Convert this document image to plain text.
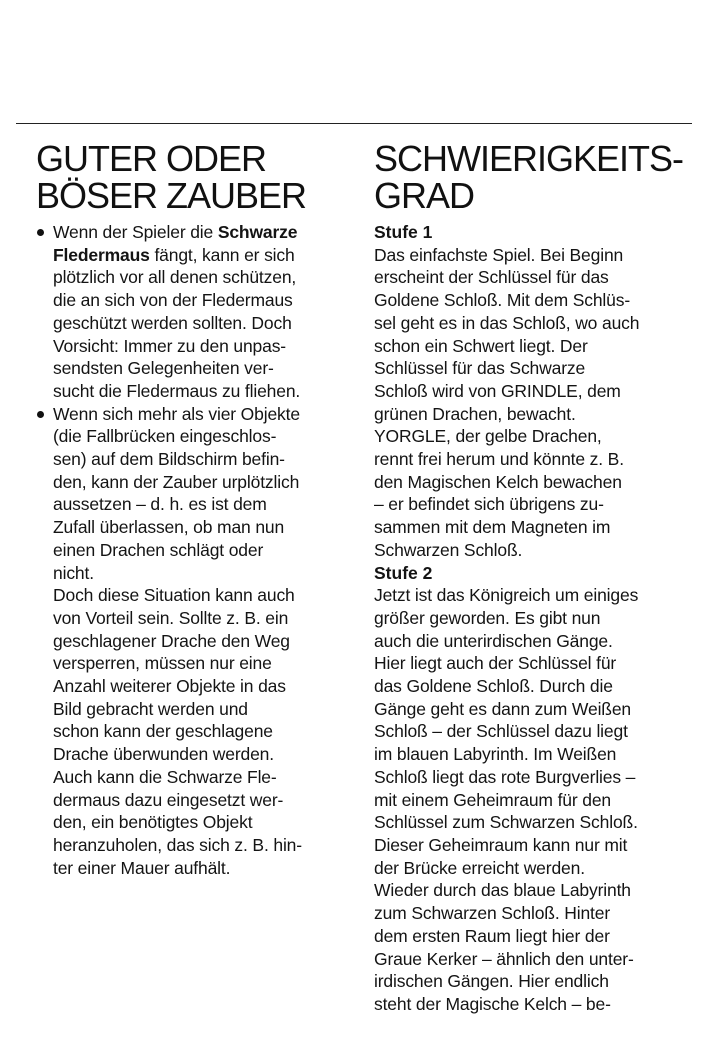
GUTER ODER
BÖSER ZAUBER
Wenn der Spieler die Schwarze
Fledermaus fängt, kann er sich
plötzlich vor all denen schützen,
die an sich von der Fledermaus
geschützt werden sollten. Doch
Vorsicht: Immer zu den unpas-
sendsten Gelegenheiten ver-
sucht die Fledermaus zu fliehen.
Wenn sich mehr als vier Objekte
(die Fallbrücken eingeschlos-
sen) auf dem Bildschirm befin-
den, kann der Zauber urplötzlich
aussetzen – d. h. es ist dem
Zufall überlassen, ob man nun
einen Drachen schlägt oder
nicht.
Doch diese Situation kann auch
von Vorteil sein. Sollte z. B. ein
geschlagener Drache den Weg
versperren, müssen nur eine
Anzahl weiterer Objekte in das
Bild gebracht werden und
schon kann der geschlagene
Drache überwunden werden.
Auch kann die Schwarze Fle-
dermaus dazu eingesetzt wer-
den, ein benötigtes Objekt
heranzuholen, das sich z. B. hin-
ter einer Mauer aufhält.
SCHWIERIGKEITS-
GRAD
Stufe 1
Das einfachste Spiel. Bei Beginn
erscheint der Schlüssel für das
Goldene Schloß. Mit dem Schlüs-
sel geht es in das Schloß, wo auch
schon ein Schwert liegt. Der
Schlüssel für das Schwarze
Schloß wird von GRINDLE, dem
grünen Drachen, bewacht.
YORGLE, der gelbe Drachen,
rennt frei herum und könnte z. B.
den Magischen Kelch bewachen
– er befindet sich übrigens zu-
sammen mit dem Magneten im
Schwarzen Schloß.
Stufe 2
Jetzt ist das Königreich um einiges
größer geworden. Es gibt nun
auch die unterirdischen Gänge.
Hier liegt auch der Schlüssel für
das Goldene Schloß. Durch die
Gänge geht es dann zum Weißen
Schloß – der Schlüssel dazu liegt
im blauen Labyrinth. Im Weißen
Schloß liegt das rote Burgverlies –
mit einem Geheimraum für den
Schlüssel zum Schwarzen Schloß.
Dieser Geheimraum kann nur mit
der Brücke erreicht werden.
Wieder durch das blaue Labyrinth
zum Schwarzen Schloß. Hinter
dem ersten Raum liegt hier der
Graue Kerker – ähnlich den unter-
irdischen Gängen. Hier endlich
steht der Magische Kelch – be-
